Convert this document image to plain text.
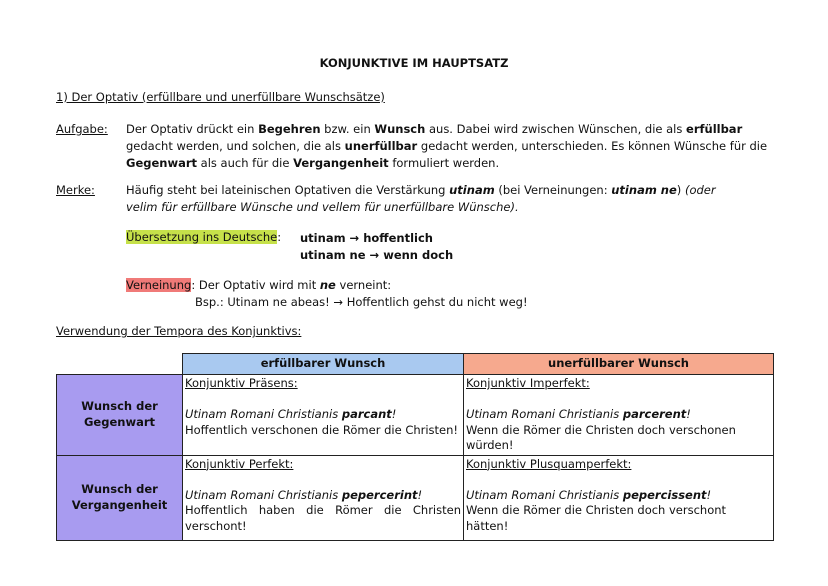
KONJUNKTIVE IM HAUPTSATZ
1) Der Optativ (erfüllbare und unerfüllbare Wunschsätze)
Aufgabe: Der Optativ drückt ein Begehren bzw. ein Wunsch aus. Dabei wird zwischen Wünschen, die als erfüllbar gedacht werden, und solchen, die als unerfüllbar gedacht werden, unterschieden. Es können Wünsche für die Gegenwart als auch für die Vergangenheit formuliert werden.
Merke:	Häufig steht bei lateinischen Optativen die Verstärkung utinam (bei Verneinungen: utinam ne) (oder velim für erfüllbare Wünsche und vellem für unerfüllbare Wünsche).
Übersetzung ins Deutsche: utinam → hoffentlich
utinam ne → wenn doch
Verneinung: Der Optativ wird mit ne verneint:
Bsp.: Utinam ne abeas! → Hoffentlich gehst du nicht weg!
Verwendung der Tempora des Konjunktivs:
	erfüllbarer Wunsch	unerfüllbarer Wunsch
Wunsch der Gegenwart	Konjunktiv Präsens:
Utinam Romani Christianis parcant!
Hoffentlich verschonen die Römer die Christen!	Konjunktiv Imperfekt:
Utinam Romani Christianis parcerent!
Wenn die Römer die Christen doch verschonen würden!

Wunsch der Vergangenheit	Konjunktiv Perfekt:
Utinam Romani Christianis pepercerint!
Hoffentlich haben die Römer die Christen verschont!	Konjunktiv Plusquamperfekt:
Utinam Romani Christianis pepercissent!
Wenn die Römer die Christen doch verschont hätten!
